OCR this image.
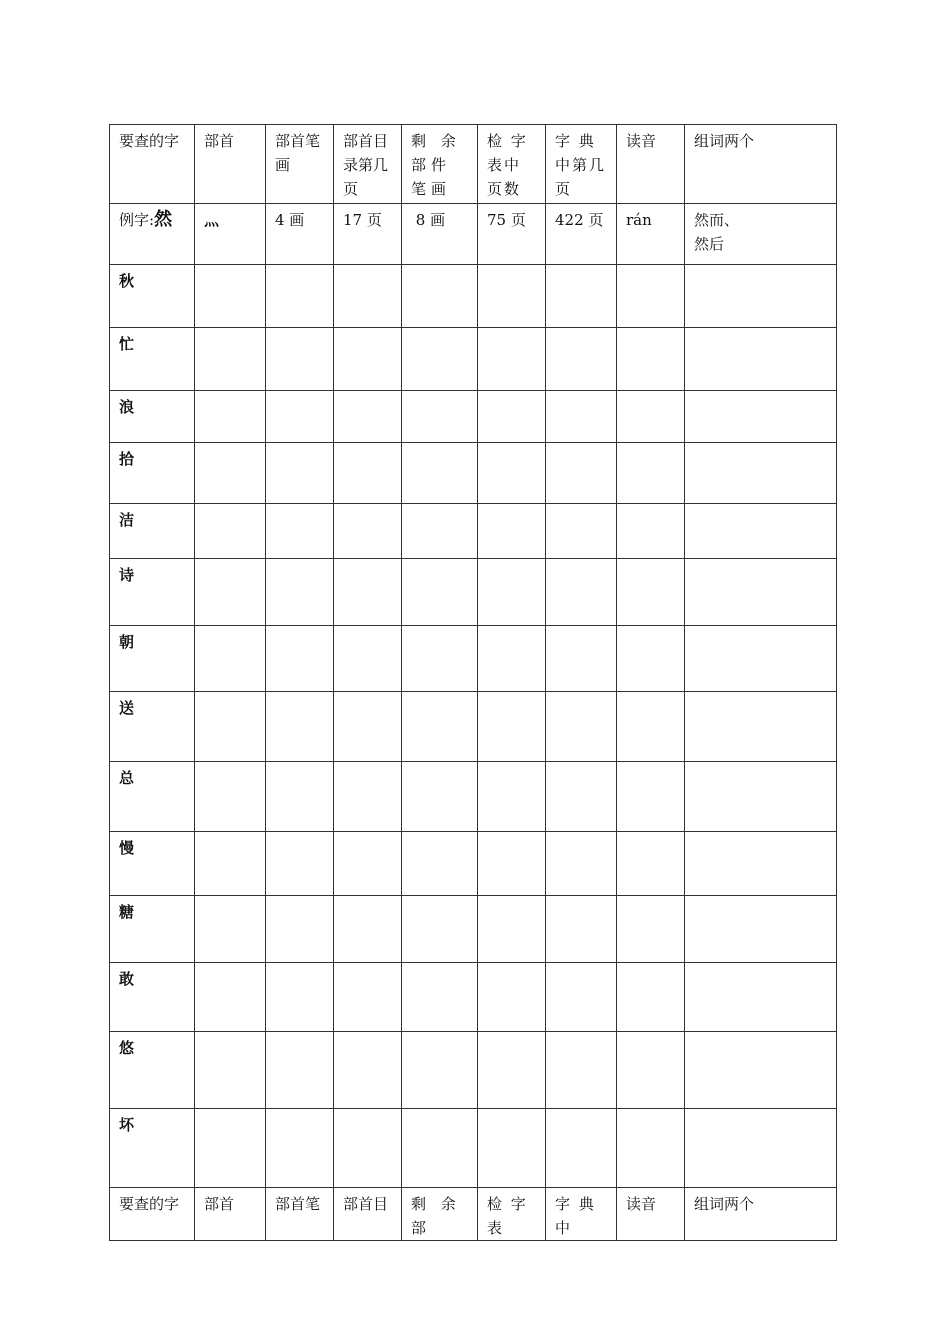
要查的字	部首	部首笔画	部首目录第几页	剩 余 部件笔画	检 字 表中页数	字 典 中第几页	读音	组词两个
例字:然	灬	4 画	17 页	8 画	75 页	422 页	rán	然而、
然后

秋								
忙								
浪								
拾								
洁								
诗								
朝								
送								
总								
慢								
糖								
敢								
悠								
坏								
要查的字	部首	部首笔	部首目	剩 余 部	检 字 表	字 典 中	读音	组词两个
